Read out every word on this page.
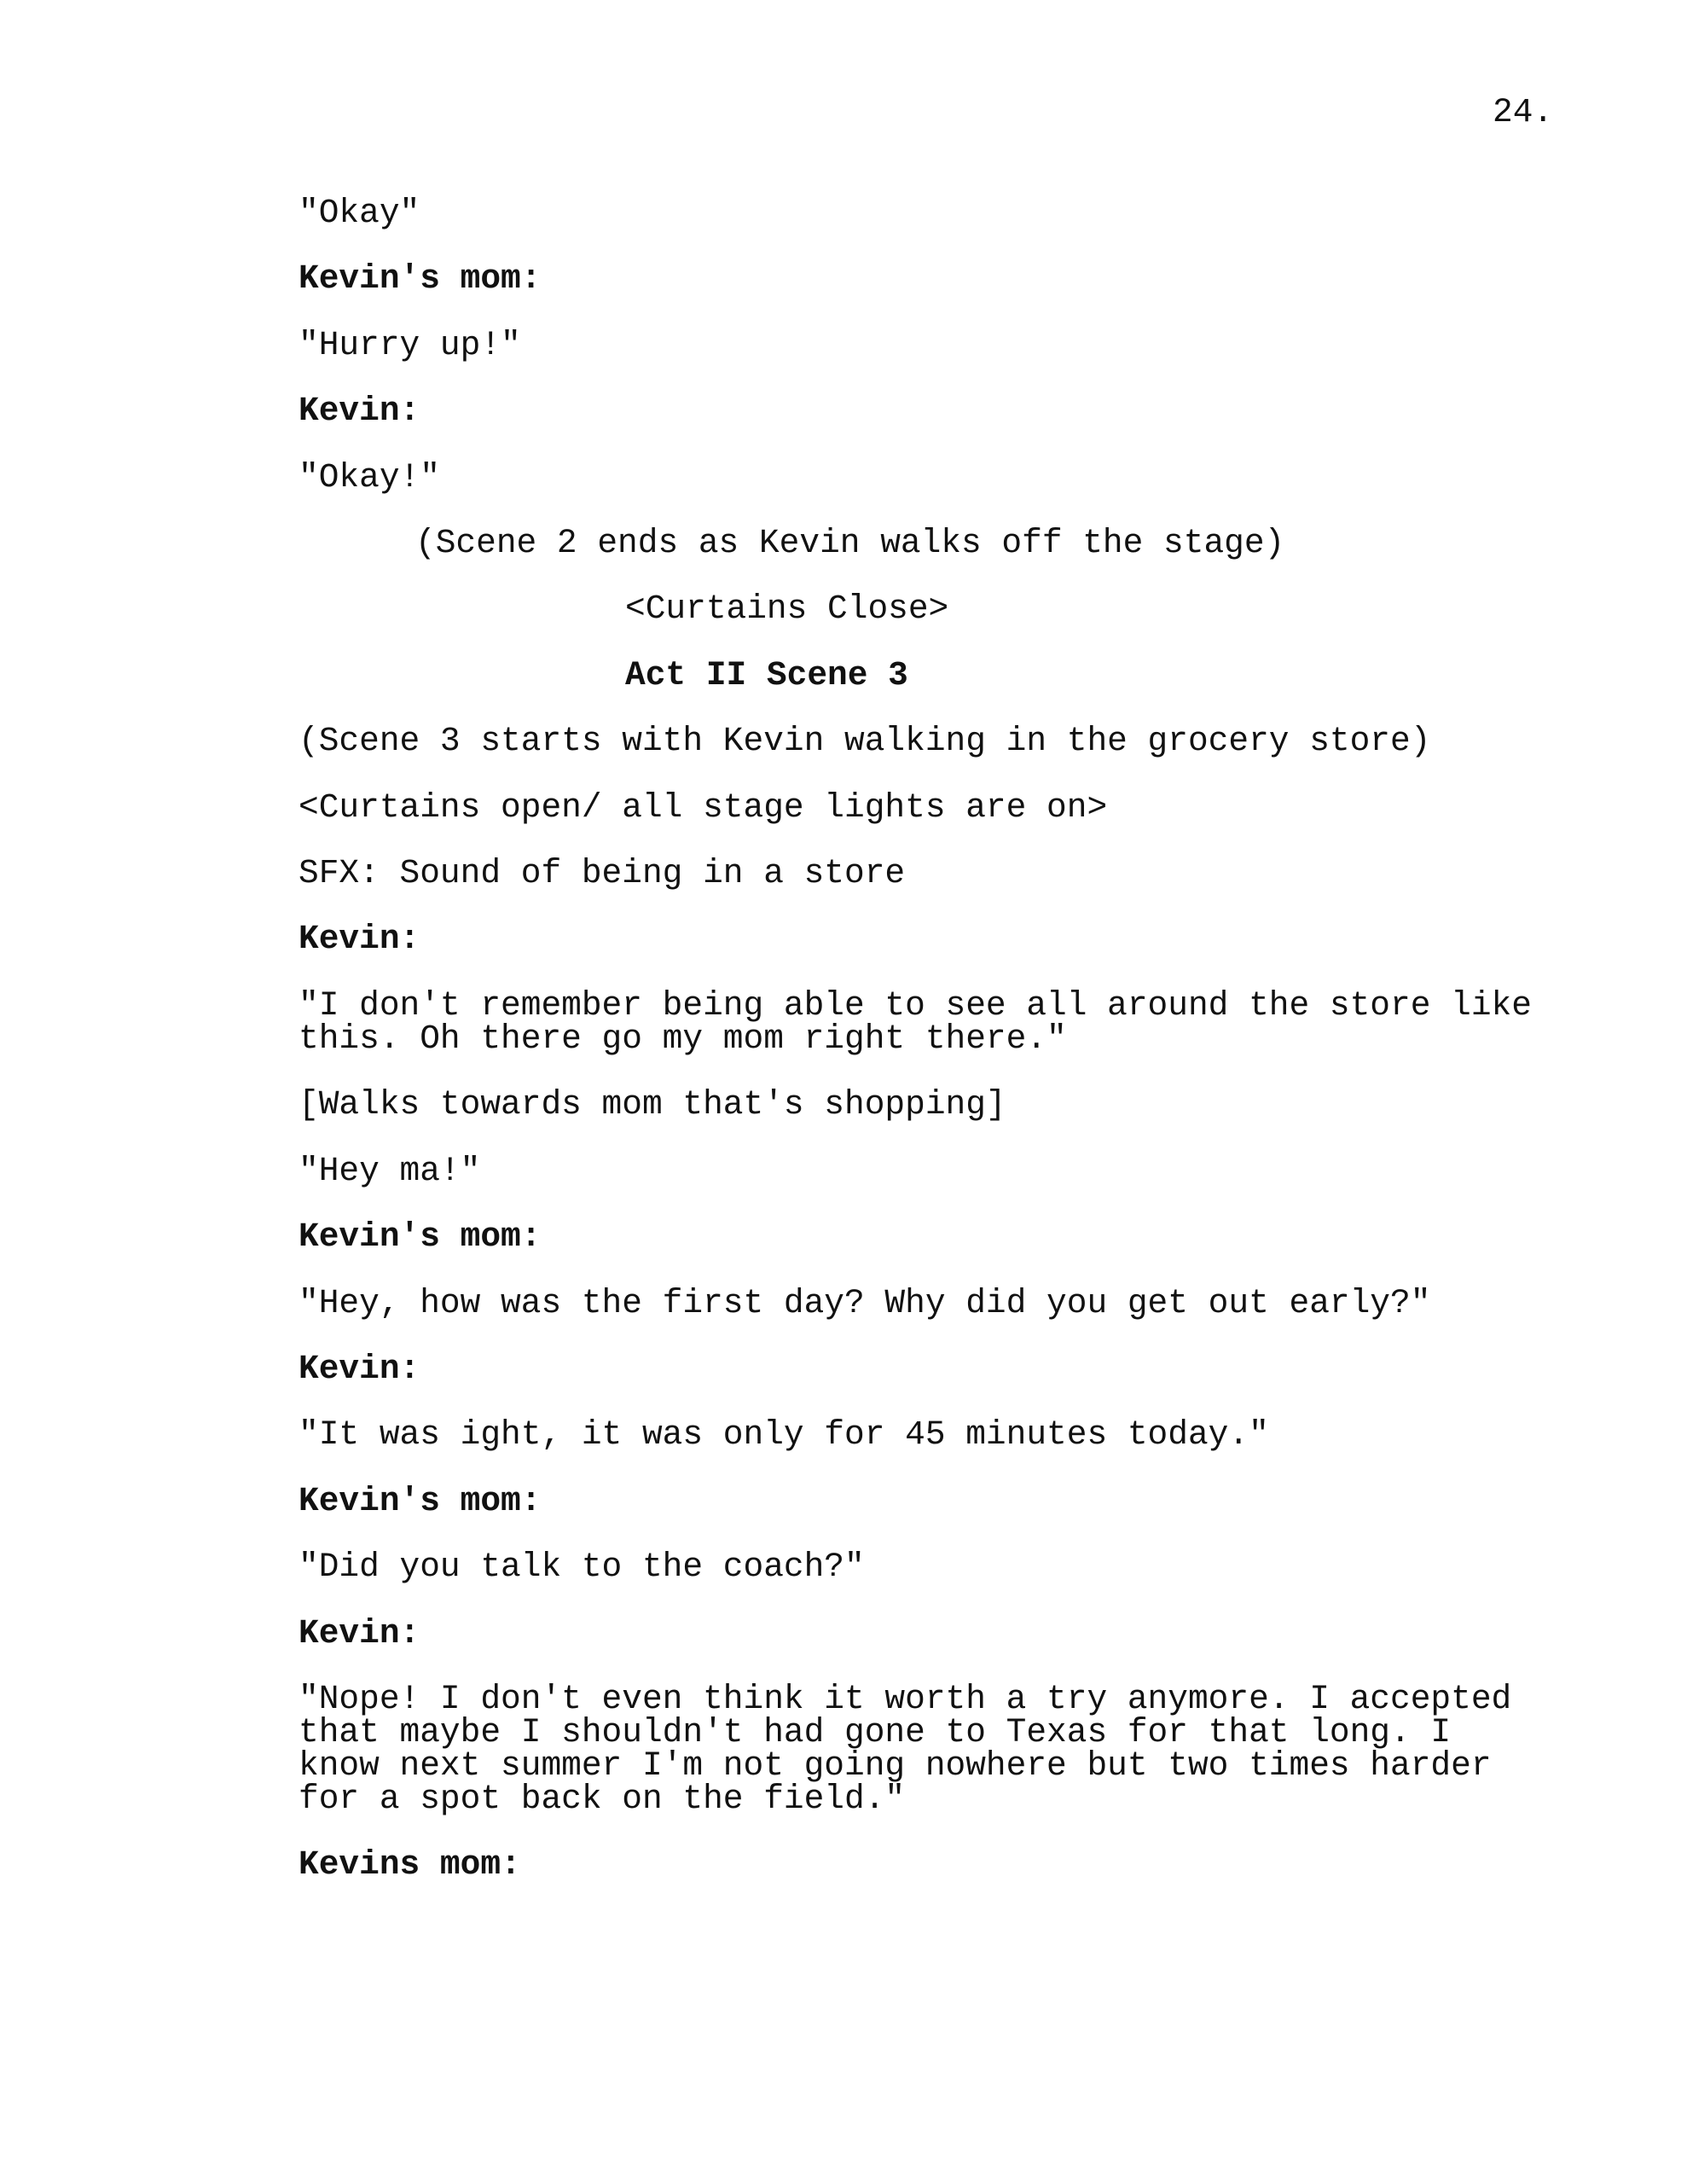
24.

"Okay"

Kevin's mom:

"Hurry up!"

Kevin:

"Okay!"

(Scene 2 ends as Kevin walks off the stage)

<Curtains Close>

Act II Scene 3

(Scene 3 starts with Kevin walking in the grocery store)

<Curtains open/ all stage lights are on>

SFX: Sound of being in a store

Kevin:

"I don't remember being able to see all around the store like

this. Oh there go my mom right there."

[Walks towards mom that's shopping]

"Hey ma!"

Kevin's mom:

"Hey, how was the first day? Why did you get out early?"

Kevin:

"It was ight, it was only for 45 minutes today."

Kevin's mom:

"Did you talk to the coach?"

Kevin:

"Nope! I don't even think it worth a try anymore. I accepted

that maybe I shouldn't had gone to Texas for that long. I

know next summer I'm not going nowhere but two times harder

for a spot back on the field."

Kevins mom:
